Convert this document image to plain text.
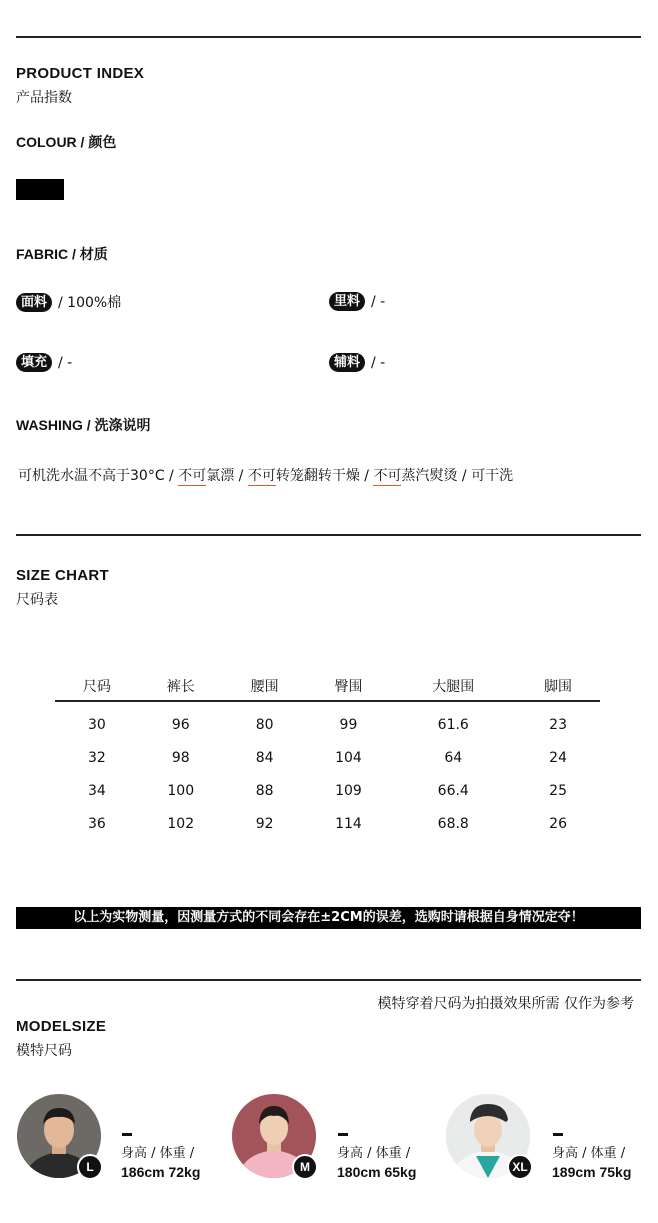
PRODUCT INDEX
产品指数
COLOUR / 颜色
FABRIC / 材质
面料 / 100%棉	里料 / -
填充 / -	辅料 / -
WASHING / 洗涤说明
可机洗水温不高于30°C / 不可氯漂 / 不可转笼翻转干燥 / 不可蒸汽熨烫 / 可干洗
SIZE CHART
尺码表
尺码	裤长	腰围	臀围	大腿围	脚围
30	96	80	99	61.6	23
32	98	84	104	64	24
34	100	88	109	66.4	25
36	102	92	114	68.8	26
以上为实物测量，因测量方式的不同会存在±2CM的误差，选购时请根据自身情况定夺！
模特穿着尺码为拍摄效果所需 仅作为参考
MODELSIZE
模特尺码
L
身高 / 体重 /
186cm 72kg	M
身高 / 体重 /
180cm 65kg	XL
身高 / 体重 /
189cm 75kg
